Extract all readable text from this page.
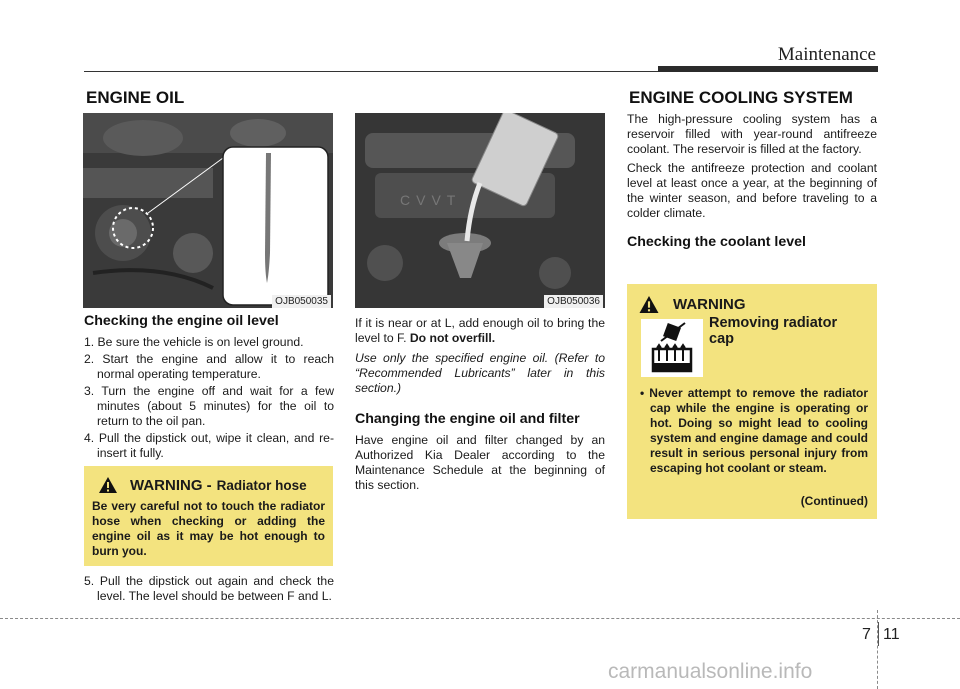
Maintenance
ENGINE OIL	ENGINE COOLING SYSTEM
OJB050035
CVVT
OJB050036
Checking the engine oil level
1. Be sure the vehicle is on level ground.
2. Start the engine and allow it to reach normal operating temperature.
3. Turn the engine off and wait for a few minutes (about 5 minutes) for the oil to return to the oil pan.
4. Pull the dipstick out, wipe it clean, and re-insert it fully.
WARNING - Radiator hose
Be very careful not to touch the radiator hose when checking or adding the engine oil as it may be hot enough to burn you.
5. Pull the dipstick out again and check the level. The level should be between F and L.

If it is near or at L, add enough oil to bring the level to F. Do not overfill.

Use only the specified engine oil. (Refer to “Recommended Lubricants” later in this section.)

Changing the engine oil and filter

Have engine oil and filter changed by an Authorized Kia Dealer according to the Maintenance Schedule at the beginning of this section.

The high-pressure cooling system has a reservoir filled with year-round antifreeze coolant. The reservoir is filled at the factory.

Check the antifreeze protection and coolant level at least once a year, at the beginning of the winter season, and before traveling to a colder climate.

Checking the coolant level
WARNING
Removing radiator cap
• Never attempt to remove the radiator cap while the engine is operating or hot. Doing so might lead to cooling system and engine damage and could result in serious personal injury from escaping hot coolant or steam.
(Continued)
7 11
carmanualsonline.info
